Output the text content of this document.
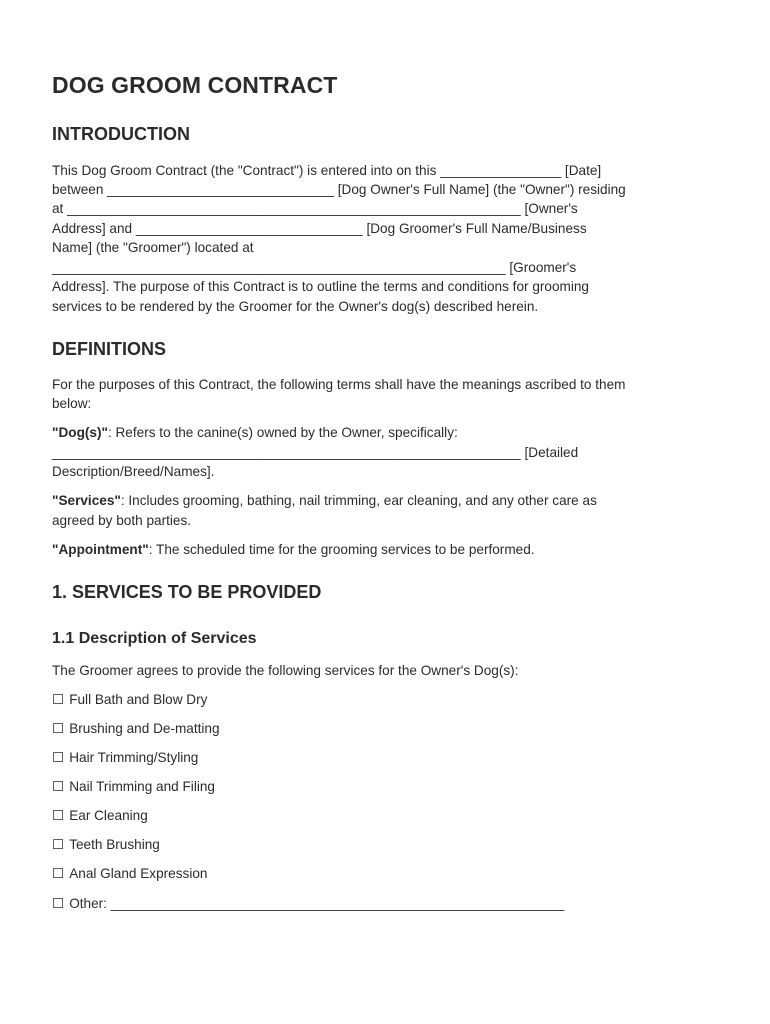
DOG GROOM CONTRACT
INTRODUCTION

This Dog Groom Contract (the "Contract") is entered into on this ________________ [Date]

between ______________________________ [Dog Owner's Full Name] (the "Owner") residing

at ____________________________________________________________ [Owner's

Address] and ______________________________ [Dog Groomer's Full Name/Business

Name] (the "Groomer") located at

____________________________________________________________ [Groomer's

Address]. The purpose of this Contract is to outline the terms and conditions for grooming

services to be rendered by the Groomer for the Owner's dog(s) described herein.

DEFINITIONS

For the purposes of this Contract, the following terms shall have the meanings ascribed to them

below:

"Dog(s)": Refers to the canine(s) owned by the Owner, specifically:

______________________________________________________________ [Detailed

Description/Breed/Names].

"Services": Includes grooming, bathing, nail trimming, ear cleaning, and any other care as

agreed by both parties.

"Appointment": The scheduled time for the grooming services to be performed.

1. SERVICES TO BE PROVIDED
1.1 Description of Services

The Groomer agrees to provide the following services for the Owner's Dog(s):

☐ Full Bath and Blow Dry

☐ Brushing and De-matting

☐ Hair Trimming/Styling

☐ Nail Trimming and Filing

☐ Ear Cleaning

☐ Teeth Brushing

☐ Anal Gland Expression

☐ Other: ____________________________________________________________
